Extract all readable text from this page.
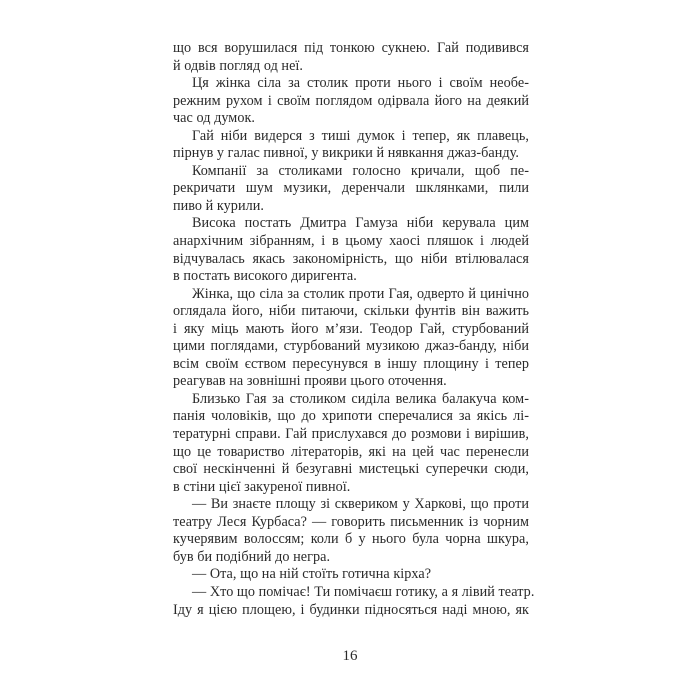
що вся ворушилася під тонкою сукнею. Гай подивився
й одвів погляд од неї.
Ця жінка сіла за столик проти нього і своїм необе-
режним рухом і своїм поглядом одірвала його на деякий
час од думок.
Гай ніби видерся з тиші думок і тепер, як плавець,
пірнув у галас пивної, у викрики й нявкання джаз-банду.
Компанії за столиками голосно кричали, щоб пе-
рекричати шум музики, деренчали шклянками, пили
пиво й курили.
Висока постать Дмитра Гамуза ніби керувала цим
анархічним зібранням, і в цьому хаосі пляшок і людей
відчувалась якась закономірність, що ніби втілювалася
в постать високого диригента.
Жінка, що сіла за столик проти Гая, одверто й цинічно
оглядала його, ніби питаючи, скільки фунтів він важить
і яку міць мають його м’язи. Теодор Гай, стурбований
цими поглядами, стурбований музикою джаз-банду, ніби
всім своїм єством пересунувся в іншу площину і тепер
реагував на зовнішні прояви цього оточення.
Близько Гая за столиком сиділа велика балакуча ком-
панія чоловіків, що до хрипоти сперечалися за якісь лі-
тературні справи. Гай прислухався до розмови і вирішив,
що це товариство літераторів, які на цей час перенесли
свої нескінченні й безугавні мистецькі суперечки сюди,
в стіни цієї закуреної пивної.
— Ви знаєте площу зі сквериком у Харкові, що проти
театру Леся Курбаса? — говорить письменник із чорним
кучерявим волоссям; коли б у нього була чорна шкура,
був би подібний до негра.
— Ота, що на ній стоїть готична кірха?
— Хто що помічає! Ти помічаєш готику, а я лівий театр.
Іду я цією площею, і будинки підносяться наді мною, як
16
